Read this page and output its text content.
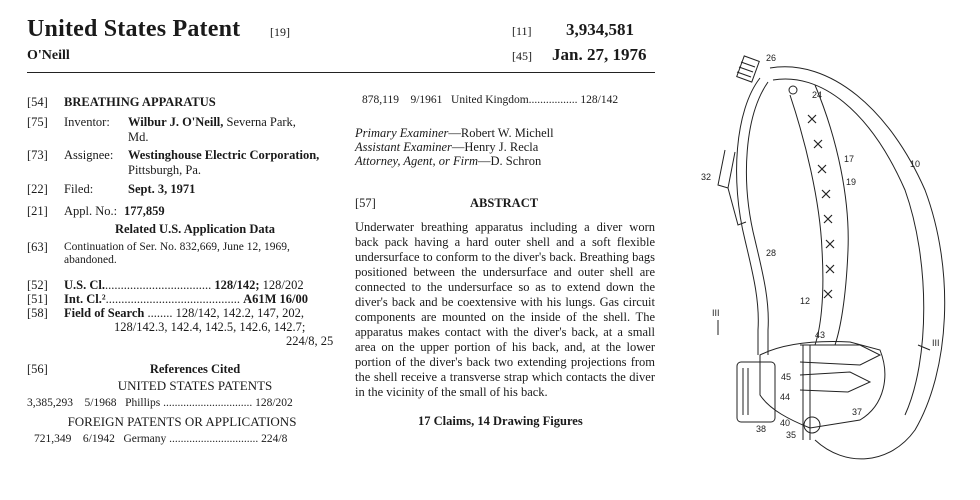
United States Patent [19]
O'Neill
[11] 3,934,581
[45] Jan. 27, 1976
[54] BREATHING APPARATUS
[75] Inventor: Wilbur J. O'Neill, Severna Park,
Md.
[73] Assignee: Westinghouse Electric Corporation,
Pittsburgh, Pa.
[22] Filed:	Sept. 3, 1971
[21] Appl. No.: 177,859
Related U.S. Application Data
[63] Continuation of Ser. No. 832,669, June 12, 1969,
abandoned.
[52] U.S. Cl................................... 128/142; 128/202
[51] Int. Cl.²........................................... A61M 16/00
[58] Field of Search ........ 128/142, 142.2, 147, 202,
128/142.3, 142.4, 142.5, 142.6, 142.7;
224/8, 25
[56]	References Cited
UNITED STATES PATENTS
3,385,293 5/1968 Phillips ............................... 128/202
FOREIGN PATENTS OR APPLICATIONS
721,349 6/1942 Germany ............................... 224/8
878,119 9/1961 United Kingdom................. 128/142
Primary Examiner—Robert W. Michell
Assistant Examiner—Henry J. Recla
Attorney, Agent, or Firm—D. Schron
[57]	ABSTRACT
Underwater breathing apparatus including a diver worn back pack having a hard outer shell and a soft flexible undersurface to conform to the diver's back. Breathing bags positioned between the undersurface and outer shell are connected to the undersurface so as to extend down the diver's back and be coextensive with his lungs. Gas circuit components are mounted on the inside of the shell. The apparatus makes contact with the diver's back, at a small area on the upper portion of his back, and, at the lower portion of the diver's back two extending projections from the shell receive a transverse strap which contacts the diver in the vicinity of the small of his back.
17 Claims, 14 Drawing Figures
26
24
10
17
19
32
28
12
III
III
43
45
44
37
38
40
35
